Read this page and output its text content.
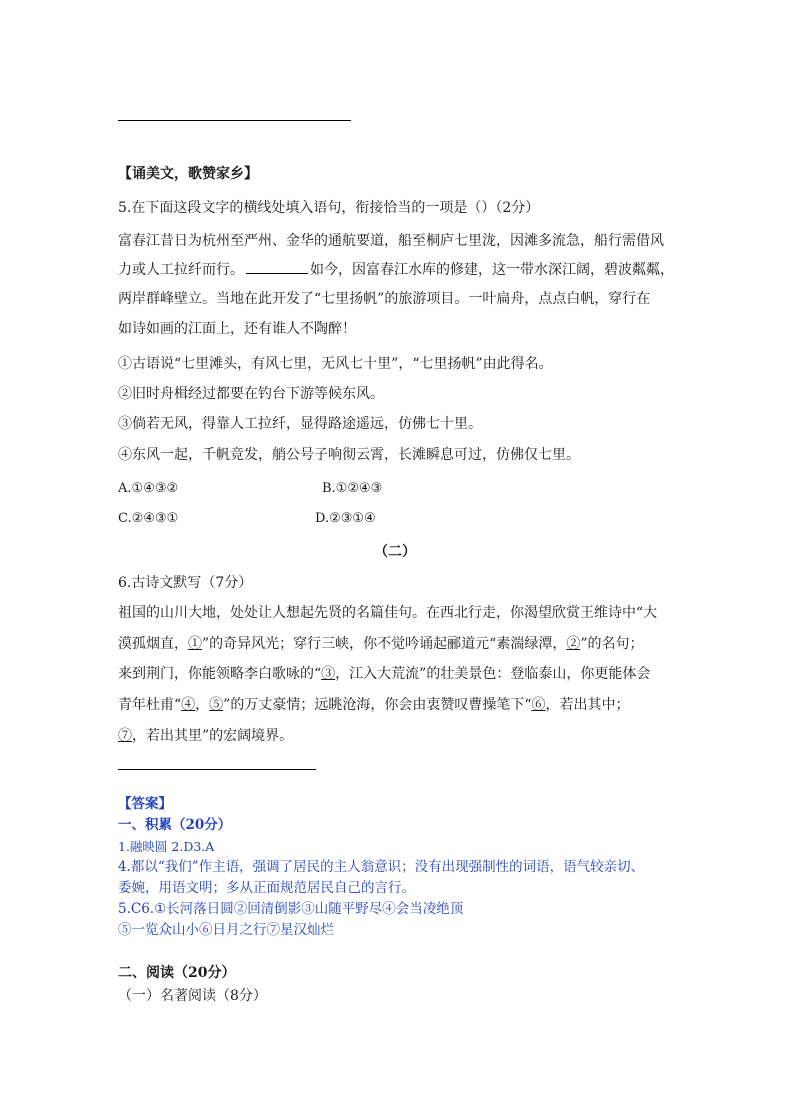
【诵美文，歌赞家乡】
5.在下面这段文字的横线处填入语句，衔接恰当的一项是（）（2分）
富春江昔日为杭州至严州、金华的通航要道，船至桐庐七里泷，因滩多流急，船行需借风
力或人工拉纤而行。	如今，因富春江水库的修建，这一带水深江阔，碧波粼粼，
两岸群峰壁立。当地在此开发了“七里扬帆”的旅游项目。一叶扁舟，点点白帆，穿行在
如诗如画的江面上，还有谁人不陶醉！
①古语说“七里滩头，有风七里，无风七十里”，“七里扬帆”由此得名。
②旧时舟楫经过都要在钓台下游等候东风。
③倘若无风，得靠人工拉纤，显得路途遥远，仿佛七十里。
④东风一起，千帆竞发，艄公号子响彻云霄，长滩瞬息可过，仿佛仅七里。
A.①④③②	B.①②④③
C.②④③①	D.②③①④
（二）
6.古诗文默写（7分）
祖国的山川大地，处处让人想起先贤的名篇佳句。在西北行走，你渴望欣赏王维诗中“大
漠孤烟直，①”的奇异风光；穿行三峡，你不觉吟诵起郦道元“素湍绿潭，②”的名句；
来到荆门，你能领略李白歌咏的“③，江入大荒流”的壮美景色：登临泰山，你更能体会
青年杜甫“④，⑤”的万丈豪情；远眺沧海，你会由衷赞叹曹操笔下“⑥，若出其中；
⑦，若出其里”的宏阔境界。
【答案】
一、积累（20分）
1.融映圆 2.D3.A
4.都以“我们”作主语，强调了居民的主人翁意识；没有出现强制性的词语，语气较亲切、
委婉，用语文明；多从正面规范居民自己的言行。
5.C6.①长河落日圆②回清倒影③山随平野尽④会当凌绝顶
⑤一览众山小⑥日月之行⑦星汉灿烂
二、阅读（20分）
（一）名著阅读（8分）
